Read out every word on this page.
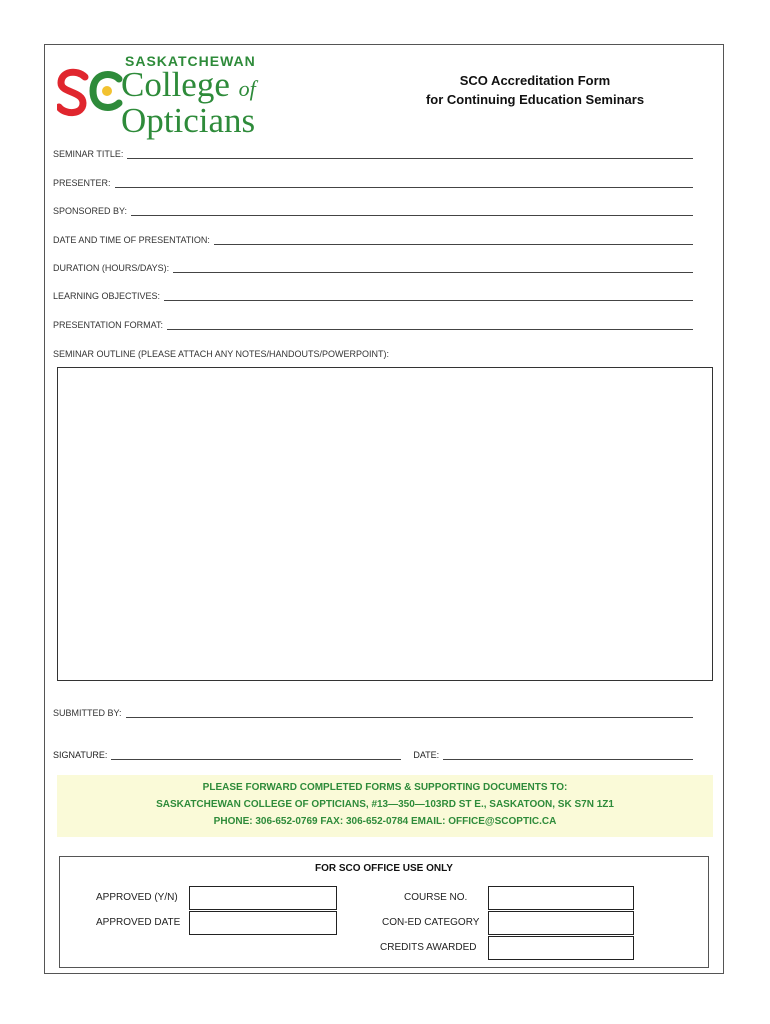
SASKATCHEWAN
College of
Opticians
SCO Accreditation Form
for Continuing Education Seminars
SEMINAR TITLE:
PRESENTER:
SPONSORED BY:
DATE AND TIME OF PRESENTATION:
DURATION (HOURS/DAYS):
LEARNING OBJECTIVES:
PRESENTATION FORMAT:
SEMINAR OUTLINE (PLEASE ATTACH ANY NOTES/HANDOUTS/POWERPOINT):
SUBMITTED BY:
SIGNATURE:	DATE:
PLEASE FORWARD COMPLETED FORMS & SUPPORTING DOCUMENTS TO:
SASKATCHEWAN COLLEGE OF OPTICIANS, #13—350—103RD ST E., SASKATOON, SK S7N 1Z1
PHONE: 306-652-0769 FAX: 306-652-0784 EMAIL: OFFICE@SCOPTIC.CA
FOR SCO OFFICE USE ONLY
APPROVED (Y/N)
APPROVED DATE
COURSE NO.
CON-ED CATEGORY
CREDITS AWARDED
